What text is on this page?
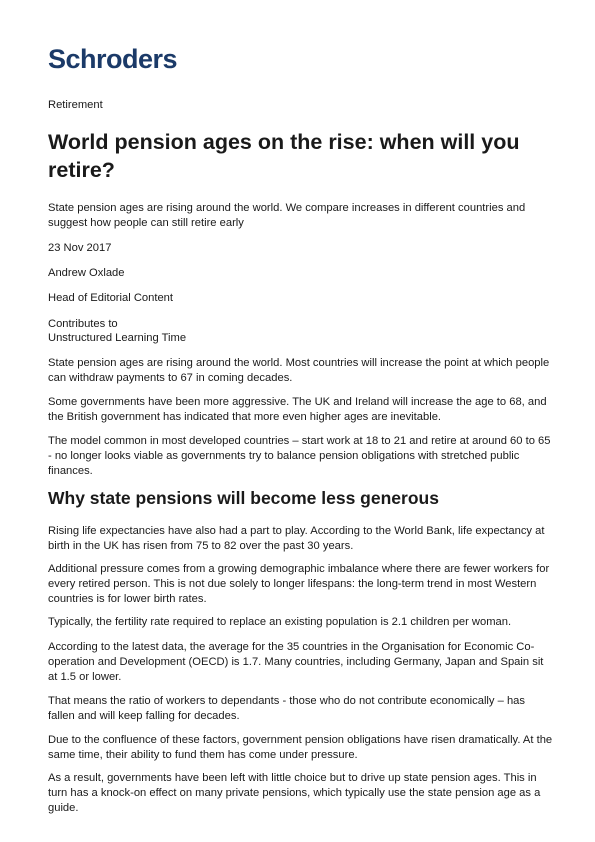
Schroders
Retirement
World pension ages on the rise: when will you retire?

State pension ages are rising around the world. We compare increases in different countries and suggest how people can still retire early

23 Nov 2017

Andrew Oxlade

Head of Editorial Content

Contributes to

Unstructured Learning Time

State pension ages are rising around the world. Most countries will increase the point at which people can withdraw payments to 67 in coming decades.

Some governments have been more aggressive. The UK and Ireland will increase the age to 68, and the British government has indicated that more even higher ages are inevitable.

The model common in most developed countries – start work at 18 to 21 and retire at around 60 to 65 - no longer looks viable as governments try to balance pension obligations with stretched public finances.

Why state pensions will become less generous

Rising life expectancies have also had a part to play. According to the World Bank, life expectancy at birth in the UK has risen from 75 to 82 over the past 30 years.

Additional pressure comes from a growing demographic imbalance where there are fewer workers for every retired person. This is not due solely to longer lifespans: the long-term trend in most Western countries is for lower birth rates.

Typically, the fertility rate required to replace an existing population is 2.1 children per woman.

According to the latest data, the average for the 35 countries in the Organisation for Economic Co-operation and Development (OECD) is 1.7. Many countries, including Germany, Japan and Spain sit at 1.5 or lower.

That means the ratio of workers to dependants - those who do not contribute economically – has fallen and will keep falling for decades.

Due to the confluence of these factors, government pension obligations have risen dramatically. At the same time, their ability to fund them has come under pressure.

As a result, governments have been left with little choice but to drive up state pension ages. This in turn has a knock-on effect on many private pensions, which typically use the state pension age as a guide.
